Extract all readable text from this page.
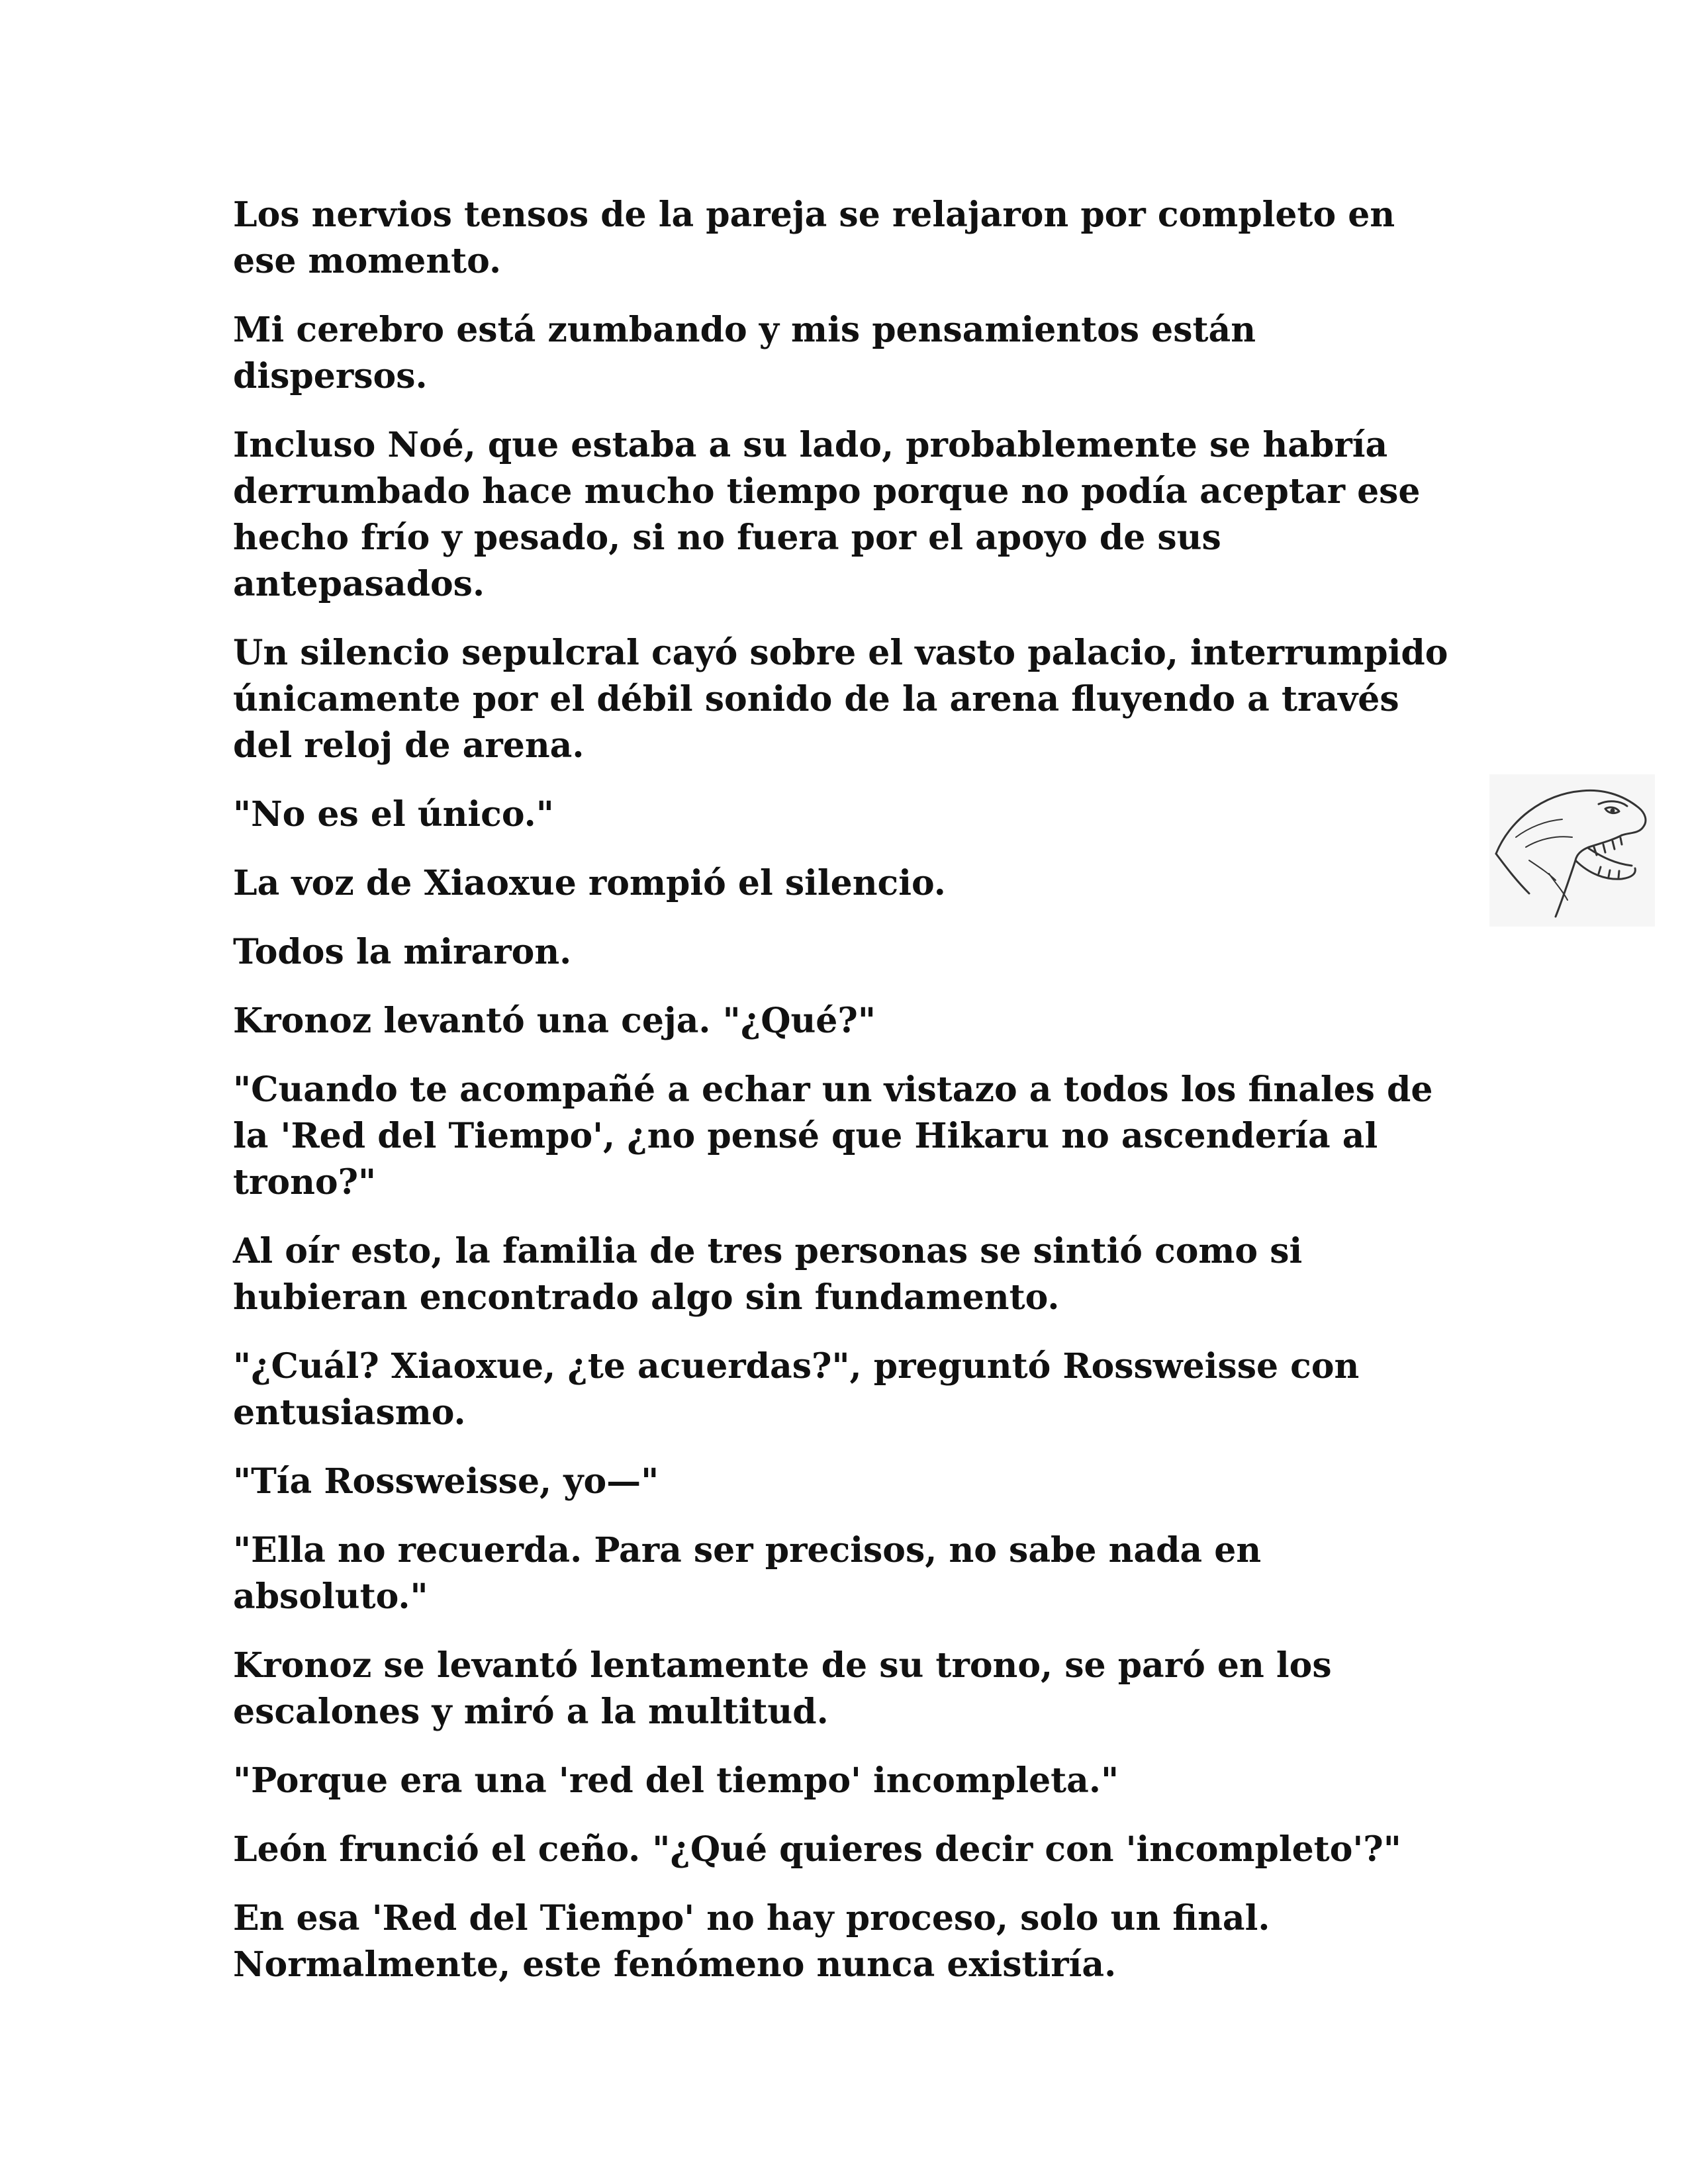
Los nervios tensos de la pareja se relajaron por completo en ese momento.

Mi cerebro está zumbando y mis pensamientos están dispersos.

Incluso Noé, que estaba a su lado, probablemente se habría derrumbado hace mucho tiempo porque no podía aceptar ese hecho frío y pesado, si no fuera por el apoyo de sus antepasados.

Un silencio sepulcral cayó sobre el vasto palacio, interrumpido únicamente por el débil sonido de la arena fluyendo a través del reloj de arena.

"No es el único."

La voz de Xiaoxue rompió el silencio.

Todos la miraron.

Kronoz levantó una ceja. "¿Qué?"

"Cuando te acompañé a echar un vistazo a todos los finales de la 'Red del Tiempo', ¿no pensé que Hikaru no ascendería al trono?"

Al oír esto, la familia de tres personas se sintió como si hubieran encontrado algo sin fundamento.

"¿Cuál? Xiaoxue, ¿te acuerdas?", preguntó Rossweisse con entusiasmo.

"Tía Rossweisse, yo—"

"Ella no recuerda. Para ser precisos, no sabe nada en absoluto."

Kronoz se levantó lentamente de su trono, se paró en los escalones y miró a la multitud.

"Porque era una 'red del tiempo' incompleta."

León frunció el ceño. "¿Qué quieres decir con 'incompleto'?"

En esa 'Red del Tiempo' no hay proceso, solo un final. Normalmente, este fenómeno nunca existiría.
